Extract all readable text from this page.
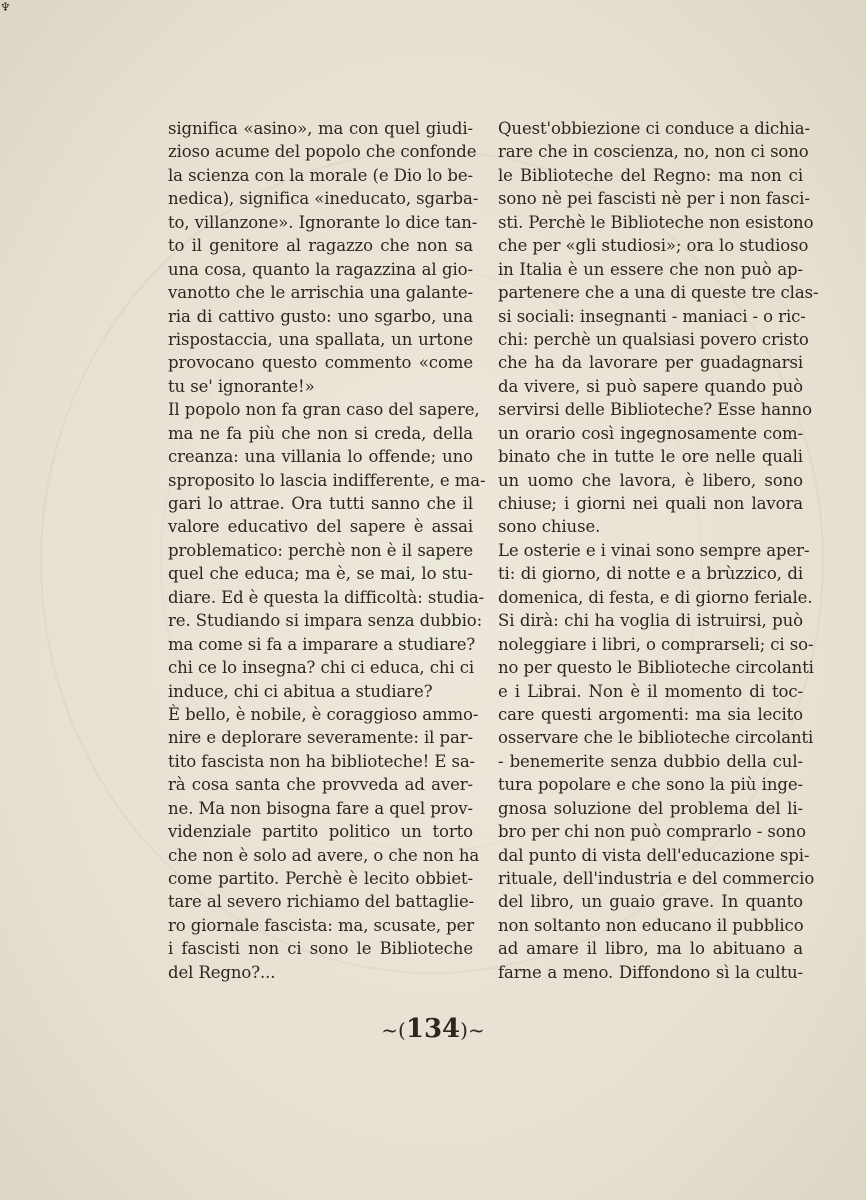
♆
significa «asino», ma con quel giudi-
zioso acume del popolo che confonde
la scienza con la morale (e Dio lo be-
nedica), significa «ineducato, sgarba-
to, villanzone». Ignorante lo dice tan-
to il genitore al ragazzo che non sa
una cosa, quanto la ragazzina al gio-
vanotto che le arrischia una galante-
ria di cattivo gusto: uno sgarbo, una
rispostaccia, una spallata, un urtone
provocano questo commento «come
tu se' ignorante!»
Il popolo non fa gran caso del sapere,
ma ne fa più che non si creda, della
creanza: una villania lo offende; uno
sproposito lo lascia indifferente, e ma-
gari lo attrae. Ora tutti sanno che il
valore educativo del sapere è assai
problematico: perchè non è il sapere
quel che educa; ma è, se mai, lo stu-
diare. Ed è questa la difficoltà: studia-
re. Studiando si impara senza dubbio:
ma come si fa a imparare a studiare?
chi ce lo insegna? chi ci educa, chi ci
induce, chi ci abitua a studiare?
È bello, è nobile, è coraggioso ammo-
nire e deplorare severamente: il par-
tito fascista non ha biblioteche! E sa-
rà cosa santa che provveda ad aver-
ne. Ma non bisogna fare a quel prov-
videnziale partito politico un torto
che non è solo ad avere, o che non ha
come partito. Perchè è lecito obbiet-
tare al severo richiamo del battaglie-
ro giornale fascista: ma, scusate, per
i fascisti non ci sono le Biblioteche
del Regno?...
Quest'obbiezione ci conduce a dichia-
rare che in coscienza, no, non ci sono
le Biblioteche del Regno: ma non ci
sono nè pei fascisti nè per i non fasci-
sti. Perchè le Biblioteche non esistono
che per «gli studiosi»; ora lo studioso
in Italia è un essere che non può ap-
partenere che a una di queste tre clas-
si sociali: insegnanti - maniaci - o ric-
chi: perchè un qualsiasi povero cristo
che ha da lavorare per guadagnarsi
da vivere, si può sapere quando può
servirsi delle Biblioteche? Esse hanno
un orario così ingegnosamente com-
binato che in tutte le ore nelle quali
un uomo che lavora, è libero, sono
chiuse; i giorni nei quali non lavora
sono chiuse.
Le osterie e i vinai sono sempre aper-
ti: di giorno, di notte e a brùzzico, di
domenica, di festa, e di giorno feriale.
Si dirà: chi ha voglia di istruirsi, può
noleggiare i libri, o comprarseli; ci so-
no per questo le Biblioteche circolanti
e i Librai. Non è il momento di toc-
care questi argomenti: ma sia lecito
osservare che le biblioteche circolanti
- benemerite senza dubbio della cul-
tura popolare e che sono la più inge-
gnosa soluzione del problema del li-
bro per chi non può comprarlo - sono
dal punto di vista dell'educazione spi-
rituale, dell'industria e del commercio
del libro, un guaio grave. In quanto
non soltanto non educano il pubblico
ad amare il libro, ma lo abituano a
farne a meno. Diffondono sì la cultu-
~(134)~
